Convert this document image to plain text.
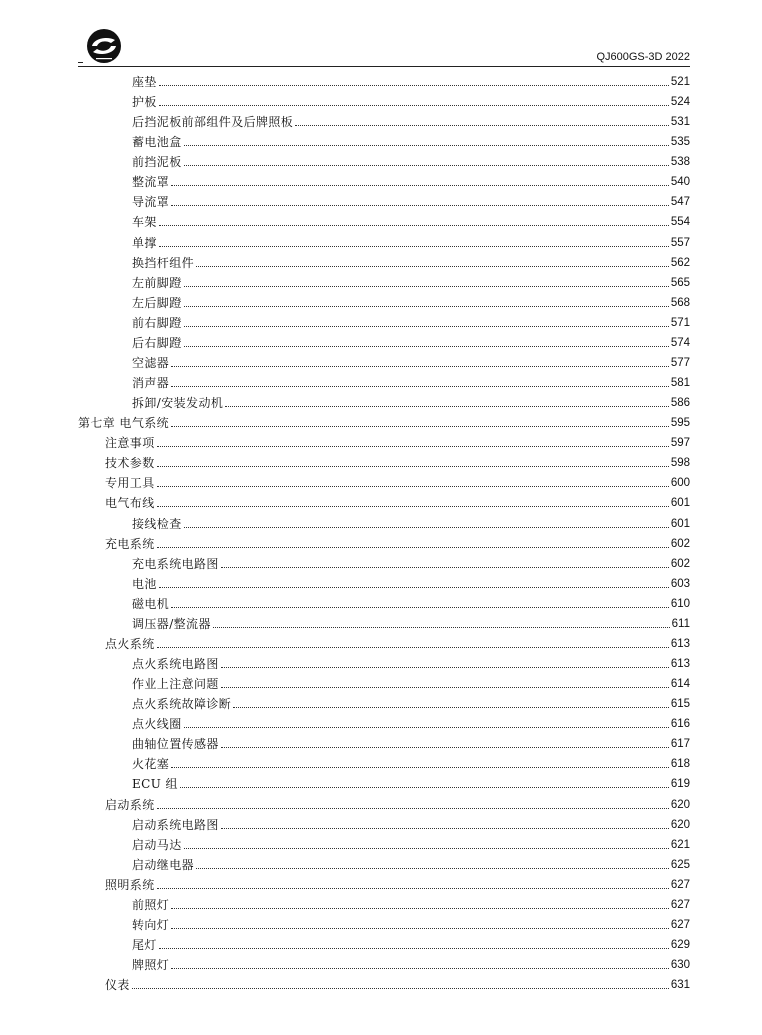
QJ600GS-3D 2022
座垫	521
护板	524
后挡泥板前部组件及后牌照板	531
蓄电池盒	535
前挡泥板	538
整流罩	540
导流罩	547
车架	554
单撑	557
换挡杆组件	562
左前脚蹬	565
左后脚蹬	568
前右脚蹬	571
后右脚蹬	574
空滤器	577
消声器	581
拆卸/安装发动机	586
第七章 电气系统	595
注意事项	597
技术参数	598
专用工具	600
电气布线	601
接线检查	601
充电系统	602
充电系统电路图	602
电池	603
磁电机	610
调压器/整流器	611
点火系统	613
点火系统电路图	613
作业上注意问题	614
点火系统故障诊断	615
点火线圈	616
曲轴位置传感器	617
火花塞	618
ECU 组	619
启动系统	620
启动系统电路图	620
启动马达	621
启动继电器	625
照明系统	627
前照灯	627
转向灯	627
尾灯	629
牌照灯	630
仪表	631
